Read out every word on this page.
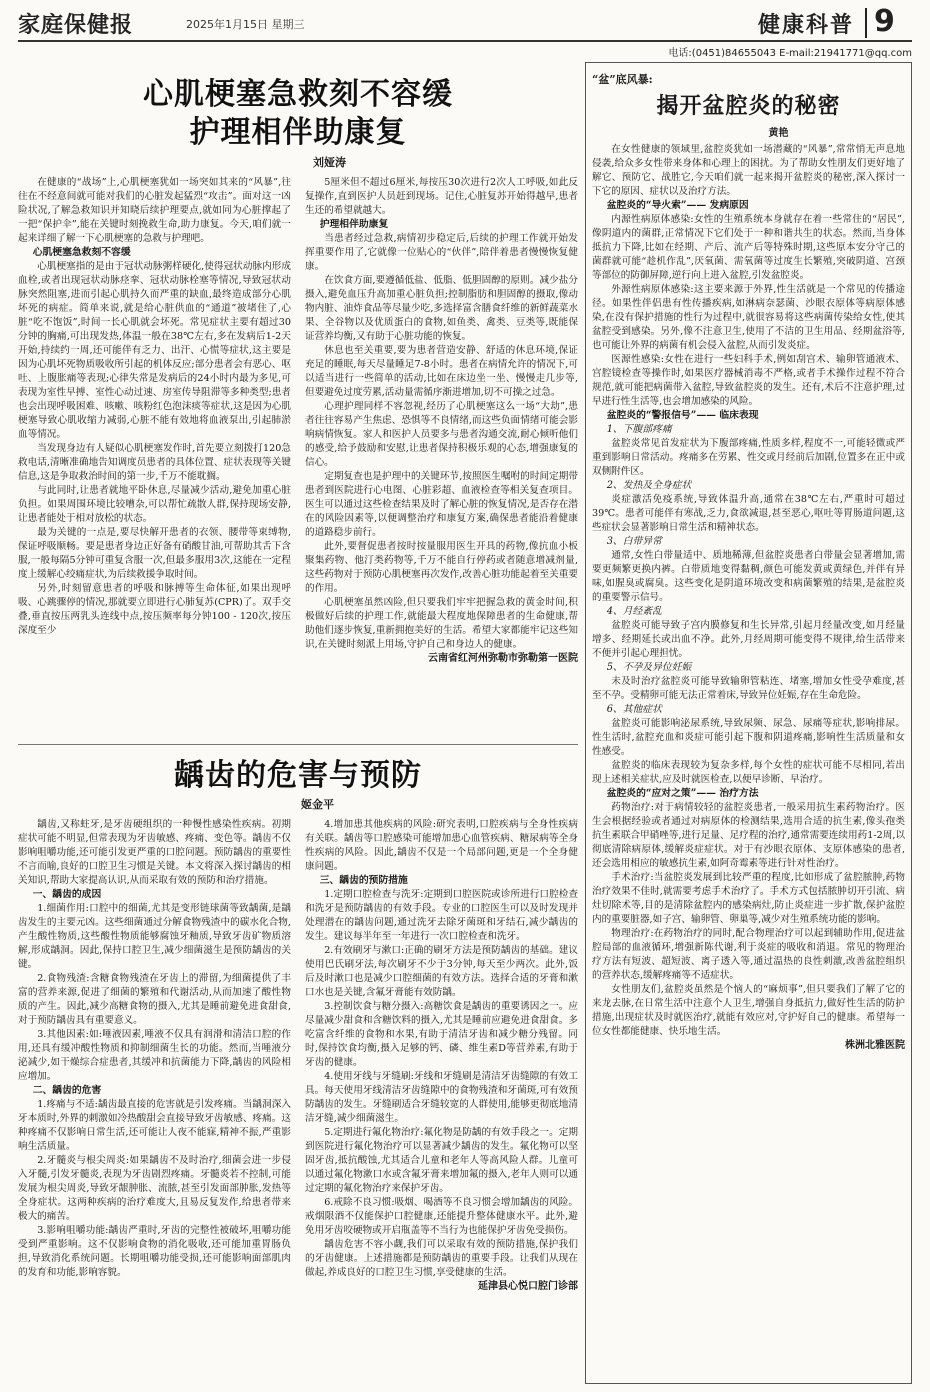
家庭保健报	2025年1月15日 星期三	健康科普 9
电话:(0451)84655043 E-mail:21941771@qq.com
心肌梗塞急救刻不容缓
护理相伴助康复
刘娅涛

在健康的“战场”上,心肌梗塞犹如一场突如其来的“风暴”,往往在不经意间就可能对我们的心脏发起猛烈“攻击”。面对这一凶险状况,了解急救知识并知晓后续护理要点,就如同为心脏撑起了一把“保护伞”,能在关键时刻挽救生命,助力康复。今天,咱们就一起来详细了解一下心肌梗塞的急救与护理吧。

心肌梗塞急救刻不容缓

心肌梗塞指的是由于冠状动脉粥样硬化,使得冠状动脉内形成血栓,或者出现冠状动脉痉挛、冠状动脉栓塞等情况,导致冠状动脉突然阻塞,进而引起心肌持久而严重的缺血,最终造成部分心肌坏死的病症。简单来说,就是给心脏供血的“通道”被堵住了,心脏“吃不饱饭”,时间一长心肌就会坏死。常见症状主要有超过30分钟的胸痛,可出现发热,体温一般在38℃左右,多在发病后1-2天开始,持续约一周,还可能伴有乏力、出汗、心慌等症状,这主要是因为心肌坏死物质吸收所引起的机体反应;部分患者会有恶心、呕吐、上腹胀痛等表现;心律失常是发病后的24小时内最为多见,可表现为室性早搏、室性心动过速、房室传导阻滞等多种类型;患者也会出现呼吸困难、咳嗽、咳粉红色泡沫痰等症状,这是因为心肌梗塞导致心肌收缩力减弱,心脏不能有效地将血液泵出,引起肺淤血等情况。

当发现身边有人疑似心肌梗塞发作时,首先要立刻拨打120急救电话,清晰准确地告知调度员患者的具体位置、症状表现等关键信息,这是争取救治时间的第一步,千万不能耽搁。

与此同时,让患者就地平卧休息,尽量减少活动,避免加重心脏负担。如果周围环境比较嘈杂,可以帮忙疏散人群,保持现场安静,让患者能处于相对放松的状态。

最为关键的一点是,要尽快解开患者的衣领、腰带等束缚物,保证呼吸顺畅。要是患者身边正好备有硝酸甘油,可帮助其舌下含服,一般每隔5分钟可重复含服一次,但最多服用3次,这能在一定程度上缓解心绞痛症状,为后续救援争取时间。

另外,时刻留意患者的呼吸和脉搏等生命体征,如果出现呼吸、心跳骤停的情况,那就要立即进行心肺复苏(CPR)了。双手交叠,垂直按压两乳头连线中点,按压频率每分钟100 - 120次,按压深度至少

5厘米但不超过6厘米,每按压30次进行2次人工呼吸,如此反复操作,直到医护人员赶到现场。记住,心脏复苏开始得越早,患者生还的希望就越大。

护理相伴助康复

当患者经过急救,病情初步稳定后,后续的护理工作就开始发挥重要作用了,它就像一位贴心的“伙伴”,陪伴着患者慢慢恢复健康。

在饮食方面,要遵循低盐、低脂、低胆固醇的原则。减少盐分摄入,避免血压升高加重心脏负担;控制脂肪和胆固醇的摄取,像动物内脏、油炸食品等尽量少吃,多选择富含膳食纤维的新鲜蔬菜水果、全谷物以及优质蛋白的食物,如鱼类、禽类、豆类等,既能保证营养均衡,又有助于心脏功能的恢复。

休息也至关重要,要为患者营造安静、舒适的休息环境,保证充足的睡眠,每天尽量睡足7-8小时。患者在病情允许的情况下,可以适当进行一些简单的活动,比如在床边坐一坐、慢慢走几步等,但要避免过度劳累,活动量需循序渐进增加,切不可操之过急。

心理护理同样不容忽视,经历了心肌梗塞这么一场“大劫”,患者往往容易产生焦虑、恐惧等不良情绪,而这些负面情绪可能会影响病情恢复。家人和医护人员要多与患者沟通交流,耐心倾听他们的感受,给予鼓励和安慰,让患者保持积极乐观的心态,增强康复的信心。

定期复查也是护理中的关键环节,按照医生嘱咐的时间定期带患者到医院进行心电图、心脏彩超、血液检查等相关复查项目。医生可以通过这些检查结果及时了解心脏的恢复情况,是否存在潜在的风险因素等,以便调整治疗和康复方案,确保患者能沿着健康的道路稳步前行。

此外,要督促患者按时按量服用医生开具的药物,像抗血小板聚集药物、他汀类药物等,千万不能自行停药或者随意增减剂量,这些药物对于预防心肌梗塞再次发作,改善心脏功能起着至关重要的作用。

心肌梗塞虽然凶险,但只要我们牢牢把握急救的黄金时间,积极做好后续的护理工作,就能最大程度地保障患者的生命健康,帮助他们逐步恢复,重新拥抱美好的生活。希望大家都能牢记这些知识,在关键时刻派上用场,守护自己和身边人的健康。

云南省红河州弥勒市弥勒第一医院
龋齿的危害与预防
姬金平

龋齿,又称蛀牙,是牙齿硬组织的一种慢性感染性疾病。初期症状可能不明显,但常表现为牙齿敏感、疼痛、变色等。龋齿不仅影响咀嚼功能,还可能引发更严重的口腔问题。预防龋齿的重要性不言而喻,良好的口腔卫生习惯是关键。本文将深入探讨龋齿的相关知识,帮助大家提高认识,从而采取有效的预防和治疗措施。

一、龋齿的成因

1.细菌作用:口腔中的细菌,尤其是变形链球菌等致龋菌,是龋齿发生的主要元凶。这些细菌通过分解食物残渣中的碳水化合物,产生酸性物质,这些酸性物质能够腐蚀牙釉质,导致牙齿矿物质溶解,形成龋洞。因此,保持口腔卫生,减少细菌滋生是预防龋齿的关键。

2.食物残渣:含糖食物残渣在牙齿上的滞留,为细菌提供了丰富的营养来源,促进了细菌的繁殖和代谢活动,从而加速了酸性物质的产生。因此,减少高糖食物的摄入,尤其是睡前避免进食甜食,对于预防龋齿具有重要意义。

3.其他因素:如:唾液因素,唾液不仅具有润滑和清洁口腔的作用,还具有缓冲酸性物质和抑制细菌生长的功能。然而,当唾液分泌减少,如干燥综合症患者,其缓冲和抗菌能力下降,龋齿的风险相应增加。

二、龋齿的危害

1.疼痛与不适:龋齿最直接的危害就是引发疼痛。当龋洞深入牙本质时,外界的刺激如冷热酸甜会直接导致牙齿敏感、疼痛。这种疼痛不仅影响日常生活,还可能让人夜不能寐,精神不振,严重影响生活质量。

2.牙髓炎与根尖周炎:如果龋齿不及时治疗,细菌会进一步侵入牙髓,引发牙髓炎,表现为牙齿剧烈疼痛。牙髓炎若不控制,可能发展为根尖周炎,导致牙龈肿胀、流脓,甚至引发面部肿胀,发热等全身症状。这两种疾病的治疗难度大,且易反复发作,给患者带来极大的痛苦。

3.影响咀嚼功能:龋齿严重时,牙齿的完整性被破坏,咀嚼功能受到严重影响。这不仅影响食物的消化吸收,还可能加重胃肠负担,导致消化系统问题。长期咀嚼功能受损,还可能影响面部肌肉的发育和功能,影响容貌。

4.增加患其他疾病的风险:研究表明,口腔疾病与全身性疾病有关联。龋齿等口腔感染可能增加患心血管疾病、糖尿病等全身性疾病的风险。因此,龋齿不仅是一个局部问题,更是一个全身健康问题。

三、龋齿的预防措施

1.定期口腔检查与洗牙:定期到口腔医院或诊所进行口腔检查和洗牙是预防龋齿的有效手段。专业的口腔医生可以及时发现并处理潜在的龋齿问题,通过洗牙去除牙菌斑和牙结石,减少龋齿的发生。建议每半年至一年进行一次口腔检查和洗牙。

2.有效刷牙与漱口:正确的刷牙方法是预防龋齿的基础。建议使用巴氏刷牙法,每次刷牙不少于3分钟,每天至少两次。此外,饭后及时漱口也是减少口腔细菌的有效方法。选择合适的牙膏和漱口水也是关键,含氟牙膏能有效防龋。

3.控制饮食与糖分摄入:高糖饮食是龋齿的重要诱因之一。应尽量减少甜食和含糖饮料的摄入,尤其是睡前应避免进食甜食。多吃富含纤维的食物和水果,有助于清洁牙齿和减少糖分残留。同时,保持饮食均衡,摄入足够的钙、磷、维生素D等营养素,有助于牙齿的健康。

4.使用牙线与牙缝刷:牙线和牙缝刷是清洁牙齿缝隙的有效工具。每天使用牙线清洁牙齿缝隙中的食物残渣和牙菌斑,可有效预防龋齿的发生。牙缝刷适合牙缝较宽的人群使用,能够更彻底地清洁牙缝,减少细菌滋生。

5.定期进行氟化物治疗:氟化物是防龋的有效手段之一。定期到医院进行氟化物治疗可以显著减少龋齿的发生。氟化物可以坚固牙齿,抵抗酸蚀,尤其适合儿童和老年人等高风险人群。儿童可以通过氟化物漱口水或含氟牙膏来增加氟的摄入,老年人则可以通过定期的氟化物治疗来保护牙齿。

6.戒除不良习惯:吸烟、喝酒等不良习惯会增加龋齿的风险。戒烟限酒不仅能保护口腔健康,还能提升整体健康水平。此外,避免用牙齿咬硬物或开启瓶盖等不当行为也能保护牙齿免受损伤。

龋齿危害不容小觑,我们可以采取有效的预防措施,保护我们的牙齿健康。上述措施都是预防龋齿的重要手段。让我们从现在做起,养成良好的口腔卫生习惯,享受健康的生活。

延津县心悦口腔门诊部
“盆”底风暴:
揭开盆腔炎的秘密
黄艳

在女性健康的领域里,盆腔炎犹如一场潜藏的“风暴”,常常悄无声息地侵袭,给众多女性带来身体和心理上的困扰。为了帮助女性朋友们更好地了解它、预防它、战胜它,今天咱们就一起来揭开盆腔炎的秘密,深入探讨一下它的原因、症状以及治疗方法。

盆腔炎的“导火索”—— 发病原因

内源性病原体感染:女性的生殖系统本身就存在着一些常住的“居民”,像阴道内的菌群,正常情况下它们处于一种和谐共生的状态。然而,当身体抵抗力下降,比如在经期、产后、流产后等特殊时期,这些原本安分守己的菌群就可能“趁机作乱”,厌氧菌、需氧菌等过度生长繁殖,突破阴道、宫颈等部位的防御屏障,逆行向上进入盆腔,引发盆腔炎。

外源性病原体感染:这主要来源于外界,性生活就是一个常见的传播途径。如果性伴侣患有性传播疾病,如淋病奈瑟菌、沙眼衣原体等病原体感染,在没有保护措施的性行为过程中,就很容易将这些病菌传染给女性,使其盆腔受到感染。另外,像不注意卫生,使用了不洁的卫生用品、经期盆浴等,也可能让外界的病菌有机会侵入盆腔,从而引发炎症。

医源性感染:女性在进行一些妇科手术,例如刮宫术、输卵管通液术、宫腔镜检查等操作时,如果医疗器械消毒不严格,或者手术操作过程不符合规范,就可能把病菌带入盆腔,导致盆腔炎的发生。还有,术后不注意护理,过早进行性生活等,也会增加感染的风险。

盆腔炎的“警报信号”—— 临床表现
1、下腹部疼痛

盆腔炎常见首发症状为下腹部疼痛,性质多样,程度不一,可能轻微或严重到影响日常活动。疼痛多在劳累、性交或月经前后加剧,位置多在正中或双侧附件区。

2、发热及全身症状

炎症激活免疫系统,导致体温升高,通常在38℃左右,严重时可超过39℃。患者可能伴有寒战,乏力,食欲减退,甚至恶心,呕吐等胃肠道问题,这些症状会显著影响日常生活和精神状态。

3、白带异常

通常,女性白带量适中、质地稀薄,但盆腔炎患者白带量会显著增加,需要更频繁更换内裤。白带质地变得黏稠,颜色可能发黄或黄绿色,并伴有异味,如腥臭或腐臭。这些变化是阴道环境改变和病菌繁殖的结果,是盆腔炎的重要警示信号。

4、月经紊乱

盆腔炎可能导致子宫内膜修复和生长异常,引起月经量改变,如月经量增多、经期延长或出血不净。此外,月经周期可能变得不规律,给生活带来不便并引起心理担忧。

5、不孕及异位妊娠

未及时治疗盆腔炎可能导致输卵管粘连、堵塞,增加女性受孕难度,甚至不孕。受精卵可能无法正常着床,导致异位妊娠,存在生命危险。

6、其他症状

盆腔炎可能影响泌尿系统,导致尿频、尿急、尿痛等症状,影响排尿。性生活时,盆腔充血和炎症可能引起下腹和阴道疼痛,影响性生活质量和女性感受。

盆腔炎的临床表现较为复杂多样,每个女性的症状可能不尽相同,若出现上述相关症状,应及时就医检查,以便早诊断、早治疗。

盆腔炎的“应对之策”—— 治疗方法

药物治疗:对于病情较轻的盆腔炎患者,一般采用抗生素药物治疗。医生会根据经验或者通过对病原体的检测结果,选用合适的抗生素,像头孢类抗生素联合甲硝唑等,进行足量、足疗程的治疗,通常需要连续用药1-2周,以彻底清除病原体,缓解炎症症状。对于有沙眼衣原体、支原体感染的患者,还会选用相应的敏感抗生素,如阿奇霉素等进行针对性治疗。

手术治疗:当盆腔炎发展到比较严重的程度,比如形成了盆腔脓肿,药物治疗效果不佳时,就需要考虑手术治疗了。手术方式包括脓肿切开引流、病灶切除术等,目的是清除盆腔内的感染病灶,防止炎症进一步扩散,保护盆腔内的重要脏器,如子宫、输卵管、卵巢等,减少对生殖系统功能的影响。

物理治疗:在药物治疗的同时,配合物理治疗可以起到辅助作用,促进盆腔局部的血液循环,增强新陈代谢,利于炎症的吸收和消退。常见的物理治疗方法有短波、超短波、离子透入等,通过温热的良性刺激,改善盆腔组织的营养状态,缓解疼痛等不适症状。

女性朋友们,盆腔炎虽然是个恼人的“麻烦事”,但只要我们了解了它的来龙去脉,在日常生活中注意个人卫生,增强自身抵抗力,做好性生活的防护措施,出现症状及时就医治疗,就能有效应对,守护好自己的健康。希望每一位女性都能健康、快乐地生活。

株洲北雅医院
